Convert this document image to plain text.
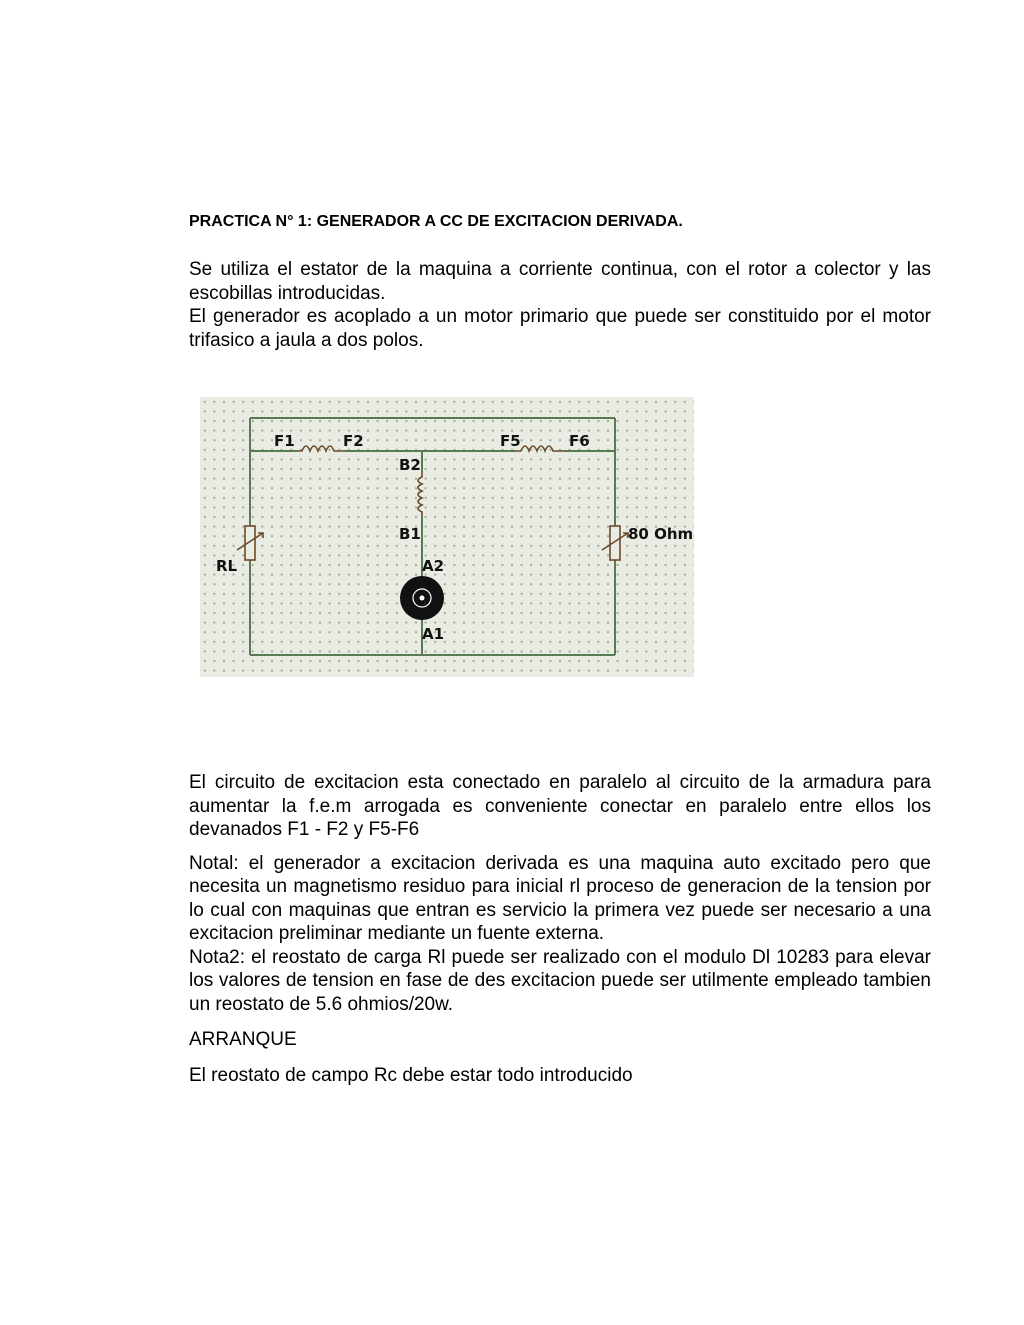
PRACTICA N° 1: GENERADOR A CC DE EXCITACION DERIVADA.

Se utiliza el estator de la maquina a corriente continua, con el rotor a colector y las escobillas introducidas.

El generador es acoplado a un motor primario que puede ser constituido por el motor trifasico a jaula a dos polos.

F1	F2	F5	F6
B2
B1
A2
A1
RL
80 Ohm

El circuito de excitacion esta conectado en paralelo al circuito de la armadura para aumentar la f.e.m arrogada es conveniente conectar en paralelo entre ellos los devanados F1 - F2 y F5-F6

Notal: el generador a excitacion derivada es una maquina auto excitado pero que necesita un magnetismo residuo para inicial rl proceso de generacion de la tension por lo cual con maquinas que entran es servicio la primera vez puede ser necesario a una excitacion preliminar mediante un fuente externa.

Nota2: el reostato de carga Rl puede ser realizado con el modulo Dl 10283 para elevar los valores de tension en fase de des excitacion puede ser utilmente empleado tambien un reostato de 5.6 ohmios/20w.

ARRANQUE

El reostato de campo Rc debe estar todo introducido
